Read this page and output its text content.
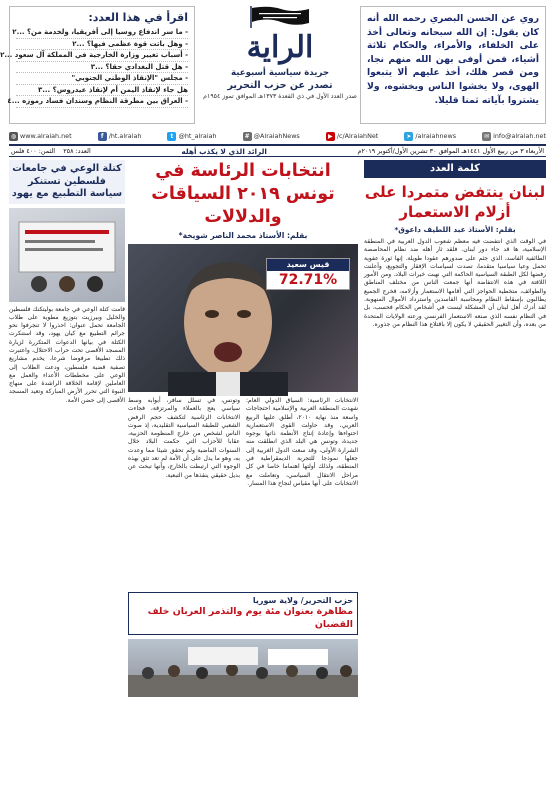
روي عن الحسن البصري رحمه الله أنه كان يقول: إن الله سبحانه وتعالى أخذ على الخلفاء، والأمراء، والحكام ثلاثة أشياء، فمن أوفى بهن الله منهم نجا، ومن قصر هلك، أخذ عليهم ألا يتبعوا الهوى، ولا يخشوا الناس ويخشوه، ولا يشتروا بآياته ثمنا قليلا.
الراية
جريدة سياسية أسبوعية
تصدر عن حزب التحرير
صدر العدد الأول في ذي القعدة ١٣٧٣هـ الموافق تموز ١٩٥٤م
اقرأ في هذا العدد:
- ما سر اندفاع روسيا إلى أفريقيا، ولخدمة من؟ ...٢
- وهل باتت قوة عظمى فيها؟ ...٢
- أسباب تغيير وزارة الخارجية في المملكة آل سعود ...٢
- هل قتل البغدادي حقا؟ ...٣
- مجلس "الإنقاذ الوطني الجنوبي"
هل جاء لإنقاذ اليمن أم لإنقاذ عيدروس؟ ...٣
- العراق بين مطرقة النظام وسندان فساد رموزه ...٤
◍ www.alraiah.net	f /ht.alraiah	t @ht_alraiah	# @AlraiahNews	▶ /c/AlraiahNet	➤ /alraiahnews	✉ info@alraiah.net
الأربعاء ٣ من ربيع الأول ١٤٤١هـ الموافق ٣٠ تشرين الأول/أكتوبر ٢٠١٩م
الرائد الذي لا يكذب أهله
العدد: ٢٥٨    الثمن: ٤٠٠ فلس
كلمة العدد
لبنان ينتفض متمردا على أزلام الاستعمار
بقلم: الأستاذ عبد اللطيف داعوق*
في الوقت الذي انتفضت فيه معظم شعوب الدول العربية في المنطقة الإسلامية، ها قد جاء دور لبنان. فلقد ثار أهله ضد نظام المحاصصة الطائفية الفاسد، الذي جثم على صدورهم عقودا طويلة. إنها ثورة عفوية تحمل وعيا سياسيا متقدما، تصدت لسياسات الإفقار والتجويع، وأعلنت رفضها لكل الطبقة السياسية الحاكمة التي نهبت خيرات البلاد. ومن الأمور اللافتة في هذه الانتفاضة أنها جمعت الناس من مختلف المناطق والطوائف، متخطية الحواجز التي أقامها الاستعمار وأزلامه، فخرج الجميع يطالبون بإسقاط النظام ومحاسبة الفاسدين واسترداد الأموال المنهوبة. لقد أدرك أهل لبنان أن المشكلة ليست في أشخاص الحكام فحسب، بل في النظام نفسه الذي صنعه الاستعمار الفرنسي ورعته الولايات المتحدة من بعده، وأن التغيير الحقيقي لا يكون إلا باقتلاع هذا النظام من جذوره.
انتخابات الرئاسة في تونس ٢٠١٩ السياقات والدلالات
بقلم: الأستاذ محمد الناصر شويخة*
قيس سعيد
72.71%
الانتخابات الرئاسية: السياق الدولي العام: شهدت المنطقة العربية والإسلامية احتجاجات واسعة منذ نهاية ٢٠١٠، أطلق عليها الربيع العربي، وقد حاولت القوى الاستعمارية احتواءها وإعادة إنتاج الأنظمة ذاتها بوجوه جديدة، وتونس هي البلد الذي انطلقت منه الشرارة الأولى، وقد سعت الدول الغربية إلى جعلها نموذجا للتجربة الديمقراطية في المنطقة، ولذلك أولتها اهتماما خاصا في كل مراحل الانتقال السياسي، وتعاملت مع الانتخابات على أنها مقياس لنجاح هذا المسار.
وتونس، في تسلل سافر، أبوابه وسط سياسي يعج بالعملاء والمرتزقة، فجاءت الانتخابات الرئاسية لتكشف حجم الرفض الشعبي للطبقة السياسية التقليدية، إذ صوت الناس لشخص من خارج المنظومة الحزبية، عقابا للأحزاب التي حكمت البلاد خلال السنوات الماضية ولم تحقق شيئا مما وعدت به، وهو ما يدل على أن الأمة لم تعد تثق بهذه الوجوه التي ارتبطت بالخارج، وأنها تبحث عن بديل حقيقي ينقذها من التبعية.
حزب التحرير/ ولاية سوريا
مظاهرة بعنوان مئة يوم والتذمر العربان خلف القضبان
كتلة الوعي في جامعات فلسطين تستنكر سياسة التطبيع مع يهود
قامت كتلة الوعي في جامعة بوليتكنك فلسطين والخليل وبيرزيت بتوزيع مطوية على طلاب الجامعة تحمل عنوان: احذروا لا تنجرفوا نحو جرائم التطبيع مع كيان يهود، وقد استنكرت الكتلة في بيانها الدعوات المتكررة لزيارة المسجد الأقصى تحت حراب الاحتلال، واعتبرت ذلك تطبيعا مرفوضا شرعا، يخدم مشاريع تصفية قضية فلسطين، ودعت الطلاب إلى الوعي على مخططات الأعداء والعمل مع العاملين لإقامة الخلافة الراشدة على منهاج النبوة التي تحرر الأرض المباركة وتعيد المسجد الأقصى إلى حضن الأمة.
